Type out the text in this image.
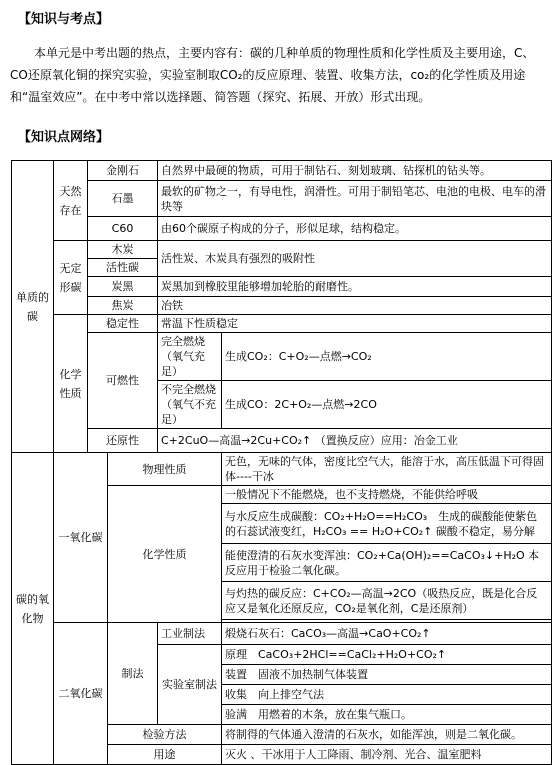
【知识与考点】
本单元是中考出题的热点，主要内容有：碳的几种单质的物理性质和化学性质及主要用途，C、CO还原氧化铜的探究实验，实验室制取CO₂的反应原理、装置、收集方法，co₂的化学性质及用途和“温室效应”。在中考中常以选择题、简答题（探究、拓展、开放）形式出现。
【知识点网络】
单质的碳	天然存在	金刚石		自然界中最硬的物质，可用于制钻石、刻划玻璃、钻探机的钻头等。	
		石墨		最软的矿物之一，有导电性，润滑性。可用于制铅笔芯、电池的电极、电车的滑块等	
		C60		由60个碳原子构成的分子，形似足球，结构稳定。	
	无定形碳	木炭		活性炭、木炭具有强烈的吸附性	
		活性碳			
		炭黑		炭黑加到橡胶里能够增加轮胎的耐磨性。	
		焦炭		冶铁	
	化学性质	稳定性		常温下性质稳定	
		可燃性		完全燃烧（氧气充足）	生成CO₂：C+O₂—点燃→CO₂

				不完全燃烧（氧气不充足）	生成CO：2C+O₂—点燃→2CO

		还原性		C+2CuO—高温→2Cu+CO₂↑ （置换反应）应用：冶金工业	
碳的氧化物	一氧化碳		物理性质		无色，无味的气体，密度比空气大，能溶于水，高压低温下可得固体----干冰
			化学性质		一般情况下不能燃烧，也不支持燃烧，不能供给呼吸
					与水反应生成碳酸：CO₂+H₂O==H₂CO₃　生成的碳酸能使紫色的石蕊试液变红，H₂CO₃ == H₂O+CO₂↑ 碳酸不稳定，易分解
					能使澄清的石灰水变浑浊：CO₂+Ca(OH)₂==CaCO₃↓+H₂O 本反应用于检验二氧化碳。
					与灼热的碳反应：C+CO₂—高温→2CO（吸热反应，既是化合反应又是氧化还原反应，CO₂是氧化剂，C是还原剂）

	二氧化碳		制法	工业制法	煅烧石灰石：CaCO₃—高温→CaO+CO₂↑
				实验室制法	原理　 CaCO₃+2HCl==CaCl₂+H₂O+CO₂↑
					装置　 固液不加热制气体装置
					收集　 向上排空气法
					验满　 用燃着的木条，放在集气瓶口。
			检验方法		将制得的气体通入澄清的石灰水，如能浑浊，则是二氧化碳。
			用途		灭火 、干冰用于人工降雨、制冷剂、光合、温室肥料
